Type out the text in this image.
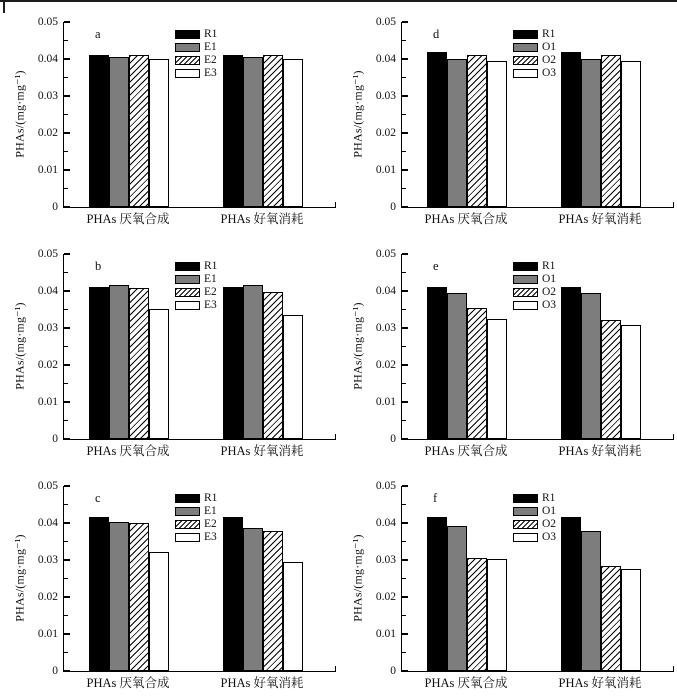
a
PHAs/(mg·mg⁻¹)
0
0.01
0.02
0.03
0.04
0.05
PHAs 厌氧合成	PHAs 好氧消耗
R1
E1
E2
E3
d
PHAs/(mg·mg⁻¹)
0
0.01
0.02
0.03
0.04
0.05
PHAs 厌氧合成	PHAs 好氧消耗
R1
O1
O2
O3
b
PHAs/(mg·mg⁻¹)
0
0.01
0.02
0.03
0.04
0.05
PHAs 厌氧合成	PHAs 好氧消耗
R1
E1
E2
E3
e
PHAs/(mg·mg⁻¹)
0
0.01
0.02
0.03
0.04
0.05
PHAs 厌氧合成	PHAs 好氧消耗
R1
O1
O2
O3
c
PHAs/(mg·mg⁻¹)
0
0.01
0.02
0.03
0.04
0.05
PHAs 厌氧合成	PHAs 好氧消耗
R1
E1
E2
E3
f
PHAs/(mg·mg⁻¹)
0
0.01
0.02
0.03
0.04
0.05
PHAs 厌氧合成	PHAs 好氧消耗
R1
O1
O2
O3
